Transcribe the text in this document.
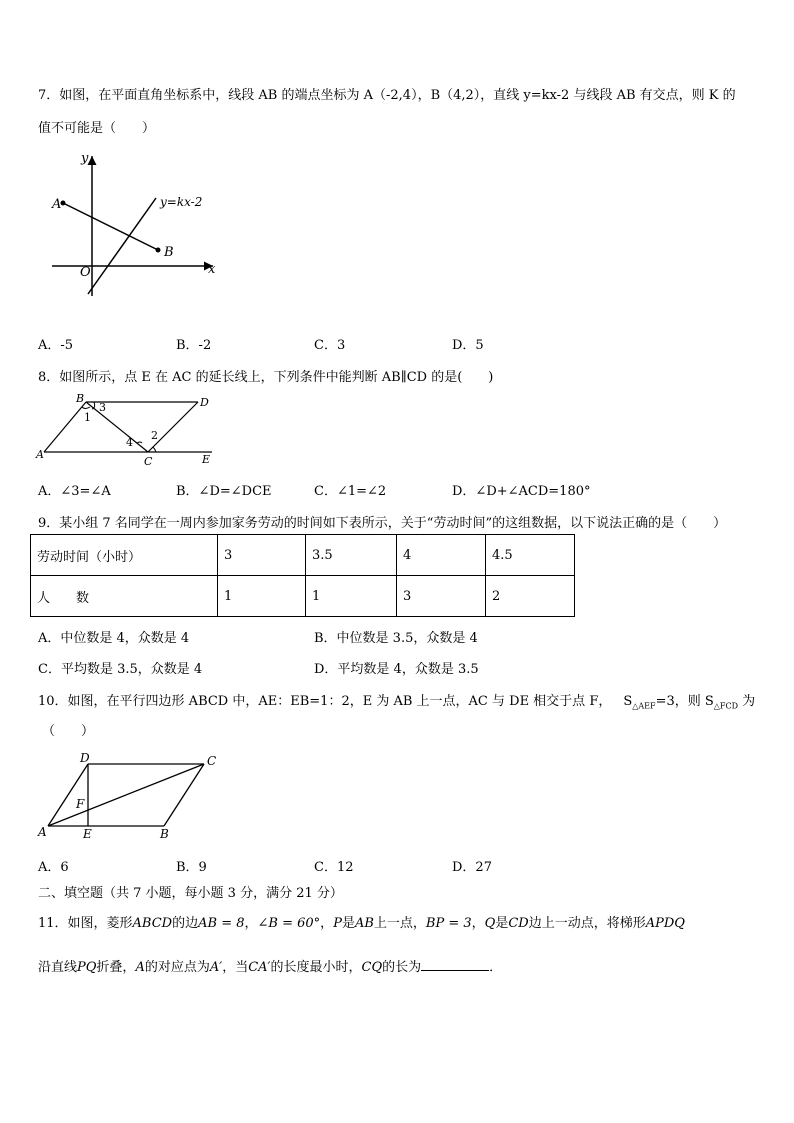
7．如图，在平面直角坐标系中，线段 AB 的端点坐标为 A（-2,4），B（4,2），直线 y=kx-2 与线段 AB 有交点，则 K 的
值不可能是（　　）
y
x
O
A
B
y=kx-2
A．-5	B．-2	C．3	D．5
8．如图所示，点 E 在 AC 的延长线上，下列条件中能判断 AB∥CD 的是(　　)
B	D
A
C	E
1
2
3
4
A．∠3=∠A	B．∠D=∠DCE	C．∠1=∠2	D．∠D+∠ACD=180°
9．某小组 7 名同学在一周内参加家务劳动的时间如下表所示，关于“劳动时间”的这组数据，以下说法正确的是（　　）
劳动时间（小时）	3	3.5	4	4.5
人　　数	1	1	3	2
A．中位数是 4，众数是 4	B．中位数是 3.5，众数是 4
C．平均数是 3.5，众数是 4	D．平均数是 4，众数是 3.5
10．如图，在平行四边形 ABCD 中，AE：EB=1：2，E 为 AB 上一点，AC 与 DE 相交于点 F， $S_{\triangle AEF}=3$，则 $S_{\triangle FCD}$ 为
（　　）
D	C
F
A	E	B
A．6	B．9	C．12	D．27
二、填空题（共 7 小题，每小题 3 分，满分 21 分）
11．如图，菱形ABCD的边AB = 8，∠B = 60°，P是AB上一点，BP = 3，Q是CD边上一动点，将梯形APDQ
沿直线PQ折叠，A的对应点为A′，当CA′的长度最小时，CQ的长为	．
